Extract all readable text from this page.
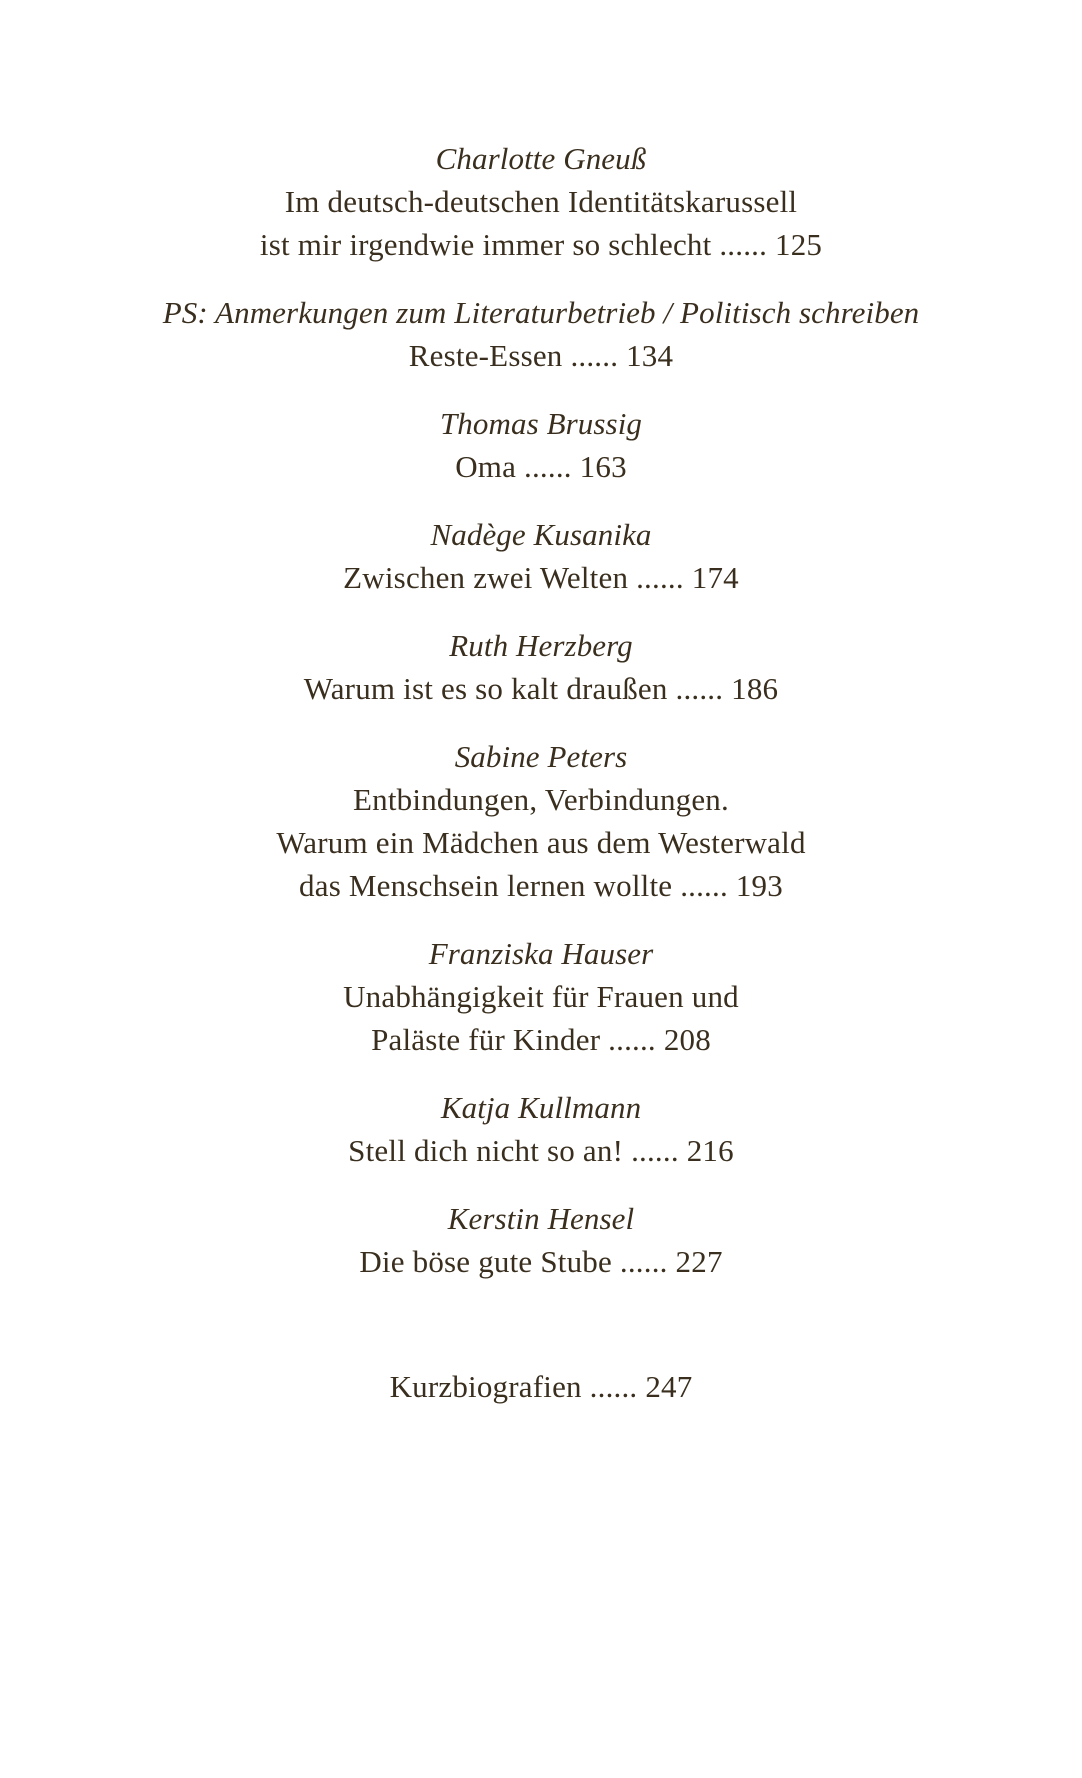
Charlotte Gneuß
Im deutsch-deutschen Identitätskarussell
ist mir irgendwie immer so schlecht ...... 125
PS: Anmerkungen zum Literaturbetrieb / Politisch schreiben
Reste-Essen ...... 134
Thomas Brussig
Oma ...... 163
Nadège Kusanika
Zwischen zwei Welten ...... 174
Ruth Herzberg
Warum ist es so kalt draußen ...... 186
Sabine Peters
Entbindungen, Verbindungen.
Warum ein Mädchen aus dem Westerwald
das Menschsein lernen wollte ...... 193
Franziska Hauser
Unabhängigkeit für Frauen und
Paläste für Kinder ...... 208
Katja Kullmann
Stell dich nicht so an! ...... 216
Kerstin Hensel
Die böse gute Stube ...... 227
Kurzbiografien ...... 247
